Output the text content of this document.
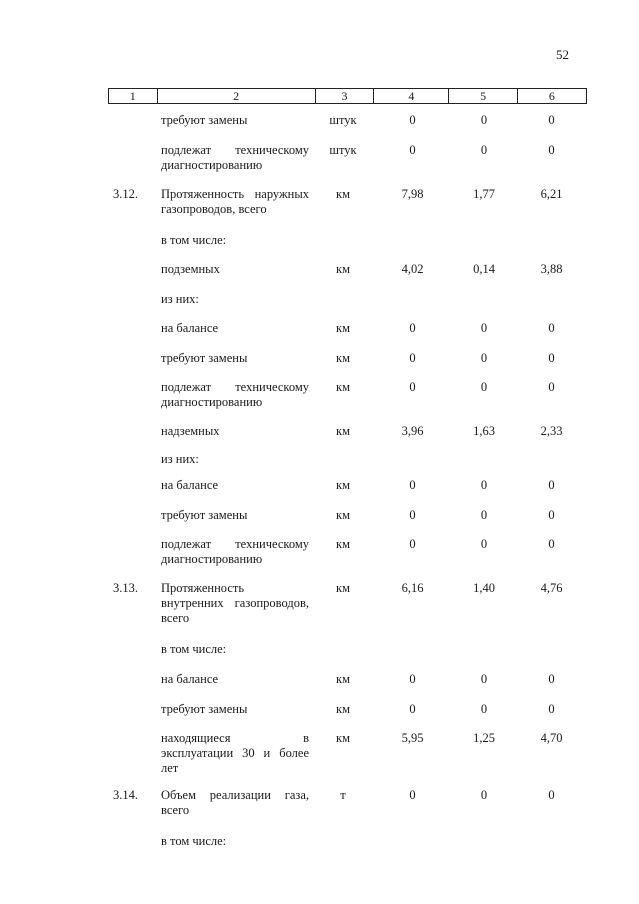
52
1	2	3	4	5	6
требуют замены	штук	0	0	0
подлежат техническому
диагностированию
штук	0	0	0
3.12.	Протяженность наружных
газопроводов, всего
км	7,98	1,77	6,21
в том числе:
подземных	км	4,02	0,14	3,88
из них:
на балансе	км	0	0	0
требуют замены	км	0	0	0
подлежат техническому
диагностированию
км	0	0	0
надземных	км	3,96	1,63	2,33
из них:
на балансе	км	0	0	0
требуют замены	км	0	0	0
подлежат техническому
диагностированию
км	0	0	0
3.13.	Протяженность
внутренних газопроводов,
всего
км	6,16	1,40	4,76
в том числе:
на балансе	км	0	0	0
требуют замены	км	0	0	0
находящиеся в
эксплуатации 30 и более
лет
км	5,95	1,25	4,70
3.14.	Объем реализации газа,
всего
т	0	0	0
в том числе:
